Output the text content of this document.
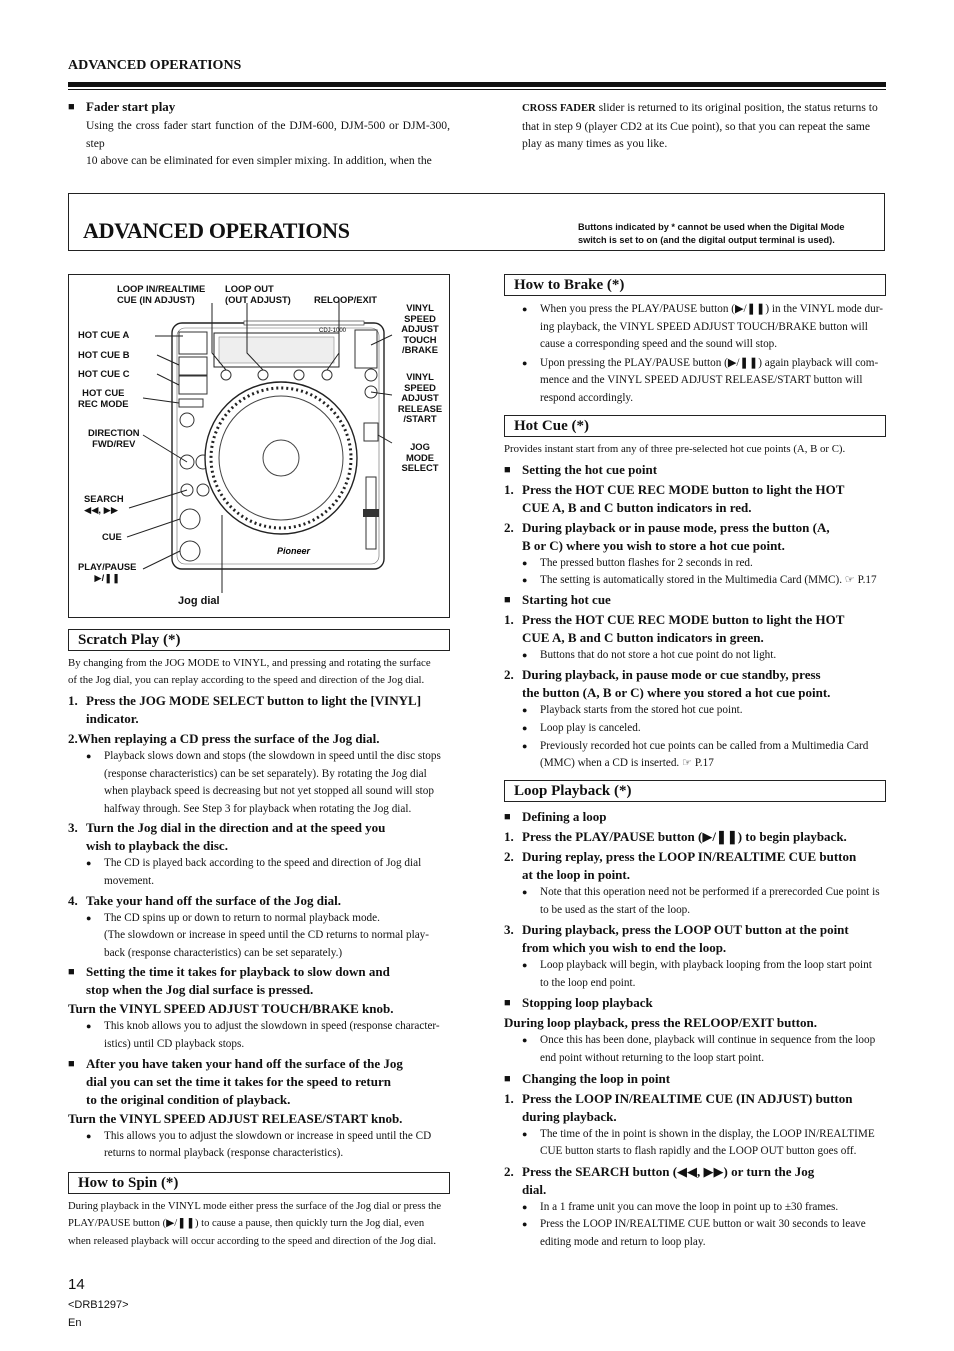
ADVANCED OPERATIONS
■ Fader start play
Using the cross fader start function of the DJM-600, DJM-500 or DJM-300, step
10 above can be eliminated for even simpler mixing. In addition, when the
CROSS FADER slider is returned to its original position, the status returns to
that in step 9 (player CD2 at its Cue point), so that you can repeat the same
play as many times as you like.
ADVANCED OPERATIONS	Buttons indicated by * cannot be used when the Digital Mode
switch is set to on (and the digital output terminal is used).
Pioneer
CDJ-1000
LOOP IN/REALTIME
CUE (IN ADJUST)
LOOP OUT
(OUT ADJUST) RELOOP/EXIT
VINYL
SPEED
ADJUST
TOUCH
/BRAKE
VINYL
SPEED
ADJUST
RELEASE
/START
JOG
MODE
SELECT
HOT CUE A
HOT CUE B
HOT CUE C
HOT CUE
REC MODE
DIRECTION
FWD/REV
SEARCH
◀◀, ▶▶
CUE
PLAY/PAUSE
▶/❚❚
Jog dial
Scratch Play (*)
By changing from the JOG MODE to VINYL, and pressing and rotating the surface
of the Jog dial, you can replay according to the speed and direction of the Jog dial.
1. Press the JOG MODE SELECT button to light the [VINYL]
indicator.
2.When replaying a CD press the surface of the Jog dial.
● Playback slows down and stops (the slowdown in speed until the disc stops
(response characteristics) can be set separately). By rotating the Jog dial
when playback speed is decreasing but not yet stopped all sound will stop
halfway through. See Step 3 for playback when rotating the Jog dial.
3. Turn the Jog dial in the direction and at the speed you
wish to playback the disc.
● The CD is played back according to the speed and direction of Jog dial
movement.
4. Take your hand off the surface of the Jog dial.
● The CD spins up or down to return to normal playback mode.
(The slowdown or increase in speed until the CD returns to normal play-
back (response characteristics) can be set separately.)
■ Setting the time it takes for playback to slow down and
stop when the Jog dial surface is pressed.
Turn the VINYL SPEED ADJUST TOUCH/BRAKE knob.
● This knob allows you to adjust the slowdown in speed (response character-
istics) until CD playback stops.
■ After you have taken your hand off the surface of the Jog
dial you can set the time it takes for the speed to return
to the original condition of playback.
Turn the VINYL SPEED ADJUST RELEASE/START knob.
● This allows you to adjust the slowdown or increase in speed until the CD
returns to normal playback (response characteristics).
How to Spin (*)
During playback in the VINYL mode either press the surface of the Jog dial or press the
PLAY/PAUSE button (▶/❚❚) to cause a pause, then quickly turn the Jog dial, even
when released playback will occur according to the speed and direction of the Jog dial.
How to Brake (*)
● When you press the PLAY/PAUSE button (▶/❚❚) in the VINYL mode dur-
ing playback, the VINYL SPEED ADJUST TOUCH/BRAKE button will
cause a corresponding speed and the sound will stop.
● Upon pressing the PLAY/PAUSE button (▶/❚❚) again playback will com-
mence and the VINYL SPEED ADJUST RELEASE/START button will
respond accordingly.
Hot Cue (*)
Provides instant start from any of three pre-selected hot cue points (A, B or C).
■ Setting the hot cue point
1. Press the HOT CUE REC MODE button to light the HOT
CUE A, B and C button indicators in red.
2. During playback or in pause mode, press the button (A,
B or C) where you wish to store a hot cue point.
● The pressed button flashes for 2 seconds in red.
● The setting is automatically stored in the Multimedia Card (MMC). ☞ P.17
■ Starting hot cue
1. Press the HOT CUE REC MODE button to light the HOT
CUE A, B and C button indicators in green.
● Buttons that do not store a hot cue point do not light.
2. During playback, in pause mode or cue standby, press
the button (A, B or C) where you stored a hot cue point.
● Playback starts from the stored hot cue point.
● Loop play is canceled.
● Previously recorded hot cue points can be called from a Multimedia Card
(MMC) when a CD is inserted. ☞ P.17
Loop Playback (*)
■ Defining a loop
1. Press the PLAY/PAUSE button (▶/❚❚) to begin playback.
2. During replay, press the LOOP IN/REALTIME CUE button
at the loop in point.
● Note that this operation need not be performed if a prerecorded Cue point is
to be used as the start of the loop.
3. During playback, press the LOOP OUT button at the point
from which you wish to end the loop.
● Loop playback will begin, with playback looping from the loop start point
to the loop end point.
■ Stopping loop playback
During loop playback, press the RELOOP/EXIT button.
● Once this has been done, playback will continue in sequence from the loop
end point without returning to the loop start point.
■ Changing the loop in point
1. Press the LOOP IN/REALTIME CUE (IN ADJUST) button
during playback.
● The time of the in point is shown in the display, the LOOP IN/REALTIME
CUE button starts to flash rapidly and the LOOP OUT button goes off.
2. Press the SEARCH button (◀◀, ▶▶) or turn the Jog
dial.
● In a 1 frame unit you can move the loop in point up to ±30 frames.
● Press the LOOP IN/REALTIME CUE button or wait 30 seconds to leave
editing mode and return to loop play.
14
<DRB1297>
En
